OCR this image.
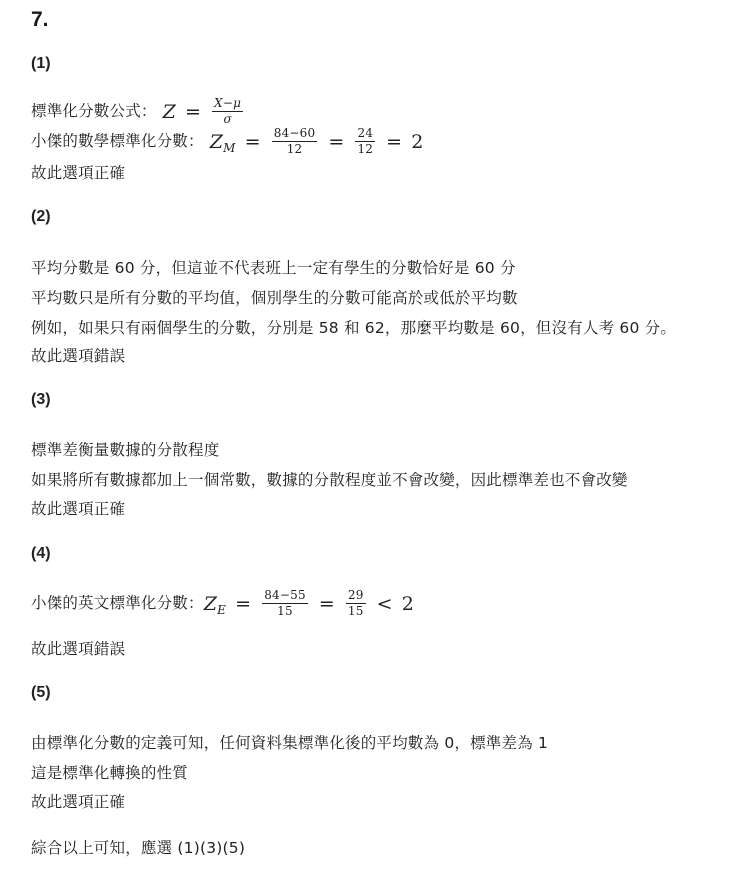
7.
(1)
標準化分數公式： $Z = \frac{X-\mu}{\sigma}$
小傑的數學標準化分數： Z $M = \frac{84-60}{12} = \frac{24}{12} = 2$
故此選項正確
(2)
平均分數是 60 分，但這並不代表班上一定有學生的分數恰好是 60 分
平均數只是所有分數的平均值，個別學生的分數可能高於或低於平均數
例如，如果只有兩個學生的分數，分別是 58 和 62，那麼平均數是 60，但沒有人考 60 分。
故此選項錯誤
(3)
標準差衡量數據的分散程度
如果將所有數據都加上一個常數，數據的分散程度並不會改變，因此標準差也不會改變
故此選項正確
(4)
小傑的英文標準化分數： Z $E = \frac{84-55}{15} = \frac{29}{15} < 2$
故此選項錯誤
(5)
由標準化分數的定義可知，任何資料集標準化後的平均數為 0，標準差為 1
這是標準化轉換的性質
故此選項正確
綜合以上可知，應選 (1)(3)(5)
